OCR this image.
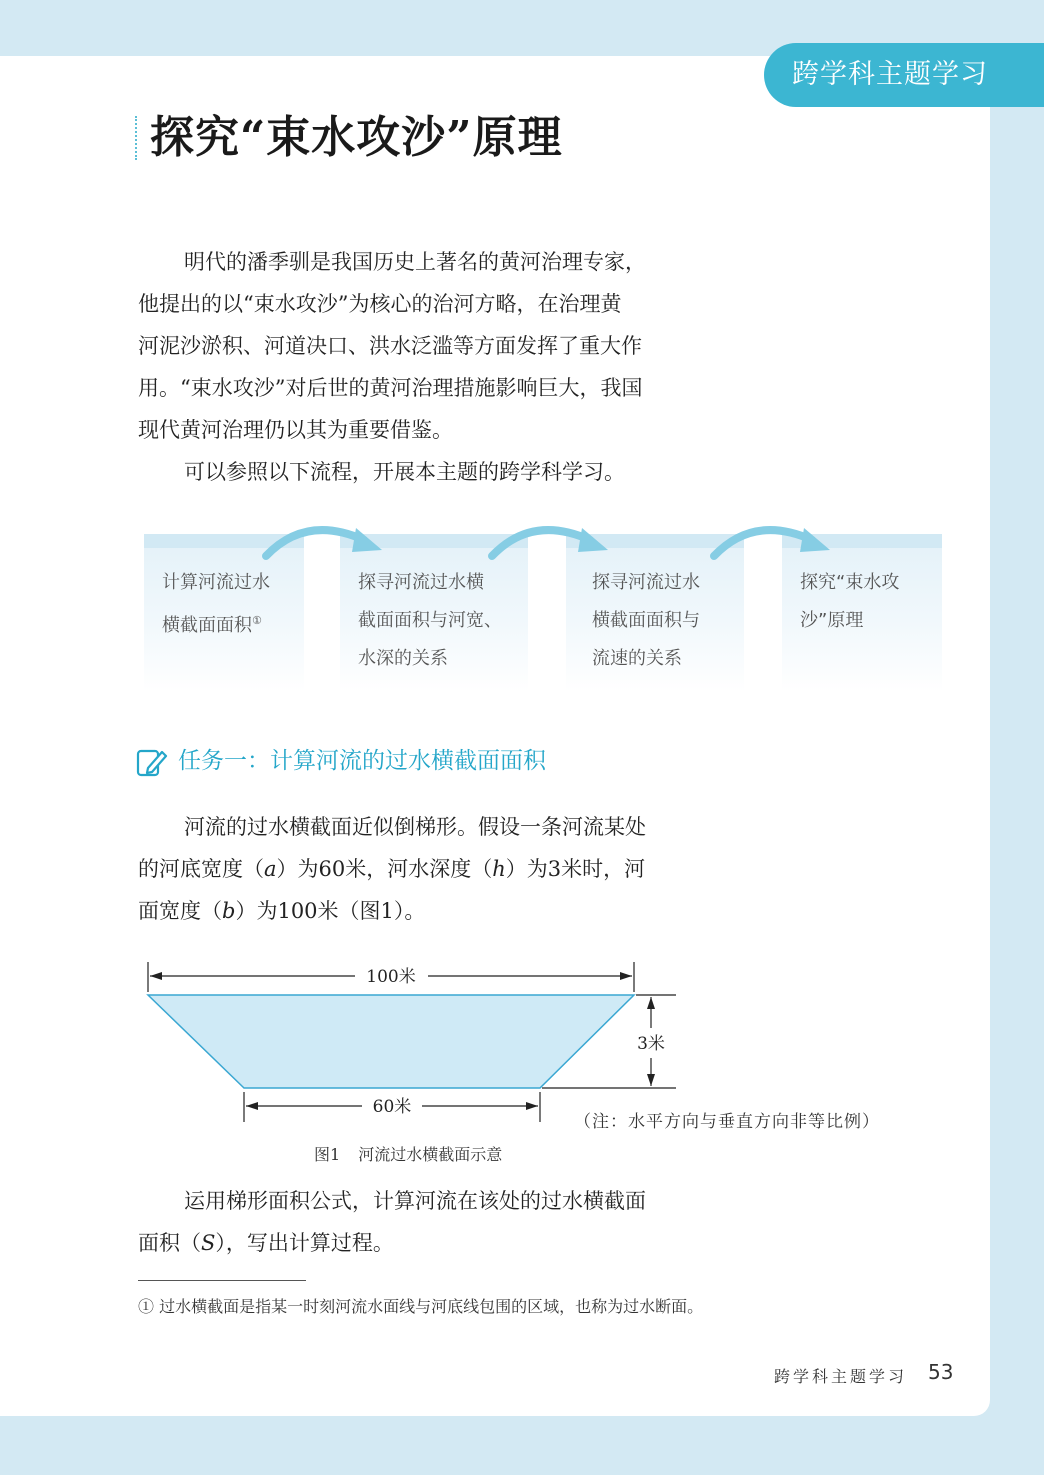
跨学科主题学习
探究“束水攻沙”原理

明代的潘季驯是我国历史上著名的黄河治理专家，
他提出的以“束水攻沙”为核心的治河方略，在治理黄
河泥沙淤积、河道决口、洪水泛滥等方面发挥了重大作
用。“束水攻沙”对后世的黄河治理措施影响巨大，我国
现代黄河治理仍以其为重要借鉴。

可以参照以下流程，开展本主题的跨学科学习。

计算河流过水
横截面面积①
探寻河流过水横
截面面积与河宽、
水深的关系
探寻河流过水
横截面面积与
流速的关系
探究“束水攻
沙”原理
任务一：计算河流的过水横截面面积

河流的过水横截面近似倒梯形。假设一条河流某处
的河底宽度（a）为60米，河水深度（h）为3米时，河
面宽度（b）为100米（图1）。

100米
60米
3米
（注：水平方向与垂直方向非等比例）
图1 河流过水横截面示意

运用梯形面积公式，计算河流在该处的过水横截面
面积（S），写出计算过程。

① 过水横截面是指某一时刻河流水面线与河底线包围的区域，也称为过水断面。
跨学科主题学习 53
